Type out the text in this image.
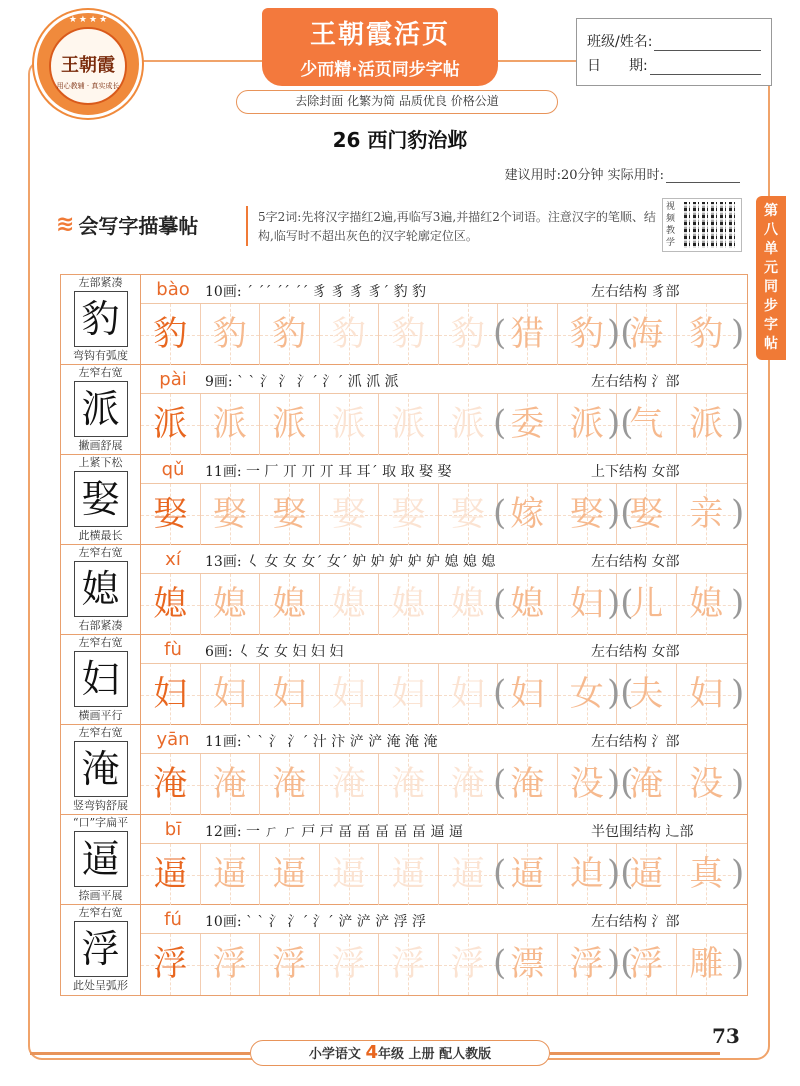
★★★★
王朝霞
用心教辅 · 真实成长
王朝霞活页
少而精·活页同步字帖
去除封面 化繁为简 品质优良 价格公道
班级/姓名:
日　　期:
26 西门豹治邺
建议用时:20分钟 实际用时:
≋ 会写字描摹帖	5字2词:先将汉字描红2遍,再临写3遍,并描红2个词语。注意汉字的笔顺、结构,临写时不超出灰色的汉字轮廓定位区。
视频教学
第八单元同步字帖
左部紧凑
豹
弯钩有弧度
bào	10画: ˊ ˊˊ ˊˊ ˊˊ 豸 豸 豸 豸ˊ 豹 豹	左右结构 豸部
豹 豹 豹 豹 豹 豹 猎 豹 海 豹
(	)(	)
左窄右宽
派
撇画舒展
pài	9画: ˋ ˋ 氵 氵 氵ˊ 氵ˊ 沠 沠 派	左右结构 氵部
派 派 派 派 派 派 委 派 气 派
(	)(	)
上紧下松
娶
此横最长
qǔ	11画: 一 厂 丌 丌 丌 耳 耳ˊ 取 取 娶 娶	上下结构 女部
娶 娶 娶 娶 娶 娶 嫁 娶 娶 亲
(	)(	)
左窄右宽
媳
右部紧凑
xí	13画: 𡿨 女 女 女ˊ 女ˊ 妒 妒 妒 妒 妒 媳 媳 媳	左右结构 女部
媳 媳 媳 媳 媳 媳 媳 妇 儿 媳
(	)(	)
左窄右宽
妇
横画平行
fù	6画: 𡿨 女 女 妇 妇 妇	左右结构 女部
妇 妇 妇 妇 妇 妇 妇 女 夫 妇
(	)(	)
左窄右宽
淹
竖弯钩舒展
yān	11画: ˋ ˋ 氵 氵ˊ 汁 汴 浐 浐 淹 淹 淹	左右结构 氵部
淹 淹 淹 淹 淹 淹 淹 没 淹 没
(	)(	)
“口”字扁平
逼
捺画平展
bī	12画: 一 ㄏ ㄏ 戸 戸 畐 畐 畐 畐 畐 逼 逼	半包围结构 辶部
逼 逼 逼 逼 逼 逼 逼 迫 逼 真
(	)(	)
左窄右宽
浮
此处呈弧形
fú	10画: ˋ ˋ 氵 氵ˊ 氵ˊ 浐 浐 浐 浮 浮	左右结构 氵部
浮 浮 浮 浮 浮 浮 漂 浮 浮 雕
(	)(	)
小学语文 4年级 上册 配人教版
73
